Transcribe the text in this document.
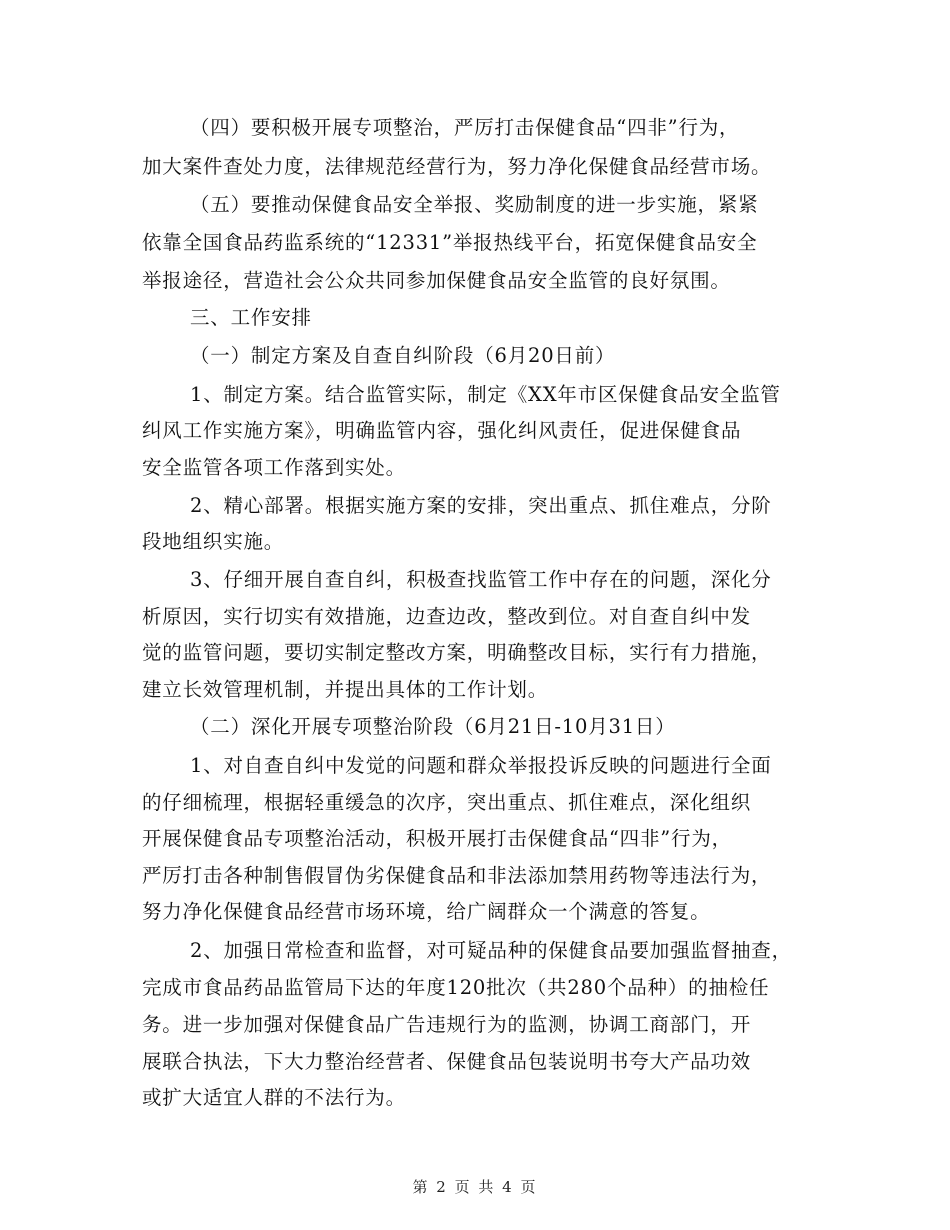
（四）要积极开展专项整治，严厉打击保健食品“四非”行为，
加大案件查处力度，法律规范经营行为，努力净化保健食品经营市场。
（五）要推动保健食品安全举报、奖励制度的进一步实施，紧紧
依靠全国食品药监系统的“12331”举报热线平台，拓宽保健食品安全
举报途径，营造社会公众共同参加保健食品安全监管的良好氛围。
三、工作安排
（一）制定方案及自查自纠阶段（6月20日前）
1、制定方案。结合监管实际，制定《XX年市区保健食品安全监管
纠风工作实施方案》，明确监管内容，强化纠风责任，促进保健食品
安全监管各项工作落到实处。
2、精心部署。根据实施方案的安排，突出重点、抓住难点，分阶
段地组织实施。
3、仔细开展自查自纠，积极查找监管工作中存在的问题，深化分
析原因，实行切实有效措施，边查边改，整改到位。对自查自纠中发
觉的监管问题，要切实制定整改方案，明确整改目标，实行有力措施，
建立长效管理机制，并提出具体的工作计划。
（二）深化开展专项整治阶段（6月21日-10月31日）
1、对自查自纠中发觉的问题和群众举报投诉反映的问题进行全面
的仔细梳理，根据轻重缓急的次序，突出重点、抓住难点，深化组织
开展保健食品专项整治活动，积极开展打击保健食品“四非”行为，
严厉打击各种制售假冒伪劣保健食品和非法添加禁用药物等违法行为，
努力净化保健食品经营市场环境，给广阔群众一个满意的答复。
2、加强日常检查和监督，对可疑品种的保健食品要加强监督抽查，
完成市食品药品监管局下达的年度120批次（共280个品种）的抽检任
务。进一步加强对保健食品广告违规行为的监测，协调工商部门，开
展联合执法，下大力整治经营者、保健食品包装说明书夸大产品功效
或扩大适宜人群的不法行为。
第 2 页 共 4 页
